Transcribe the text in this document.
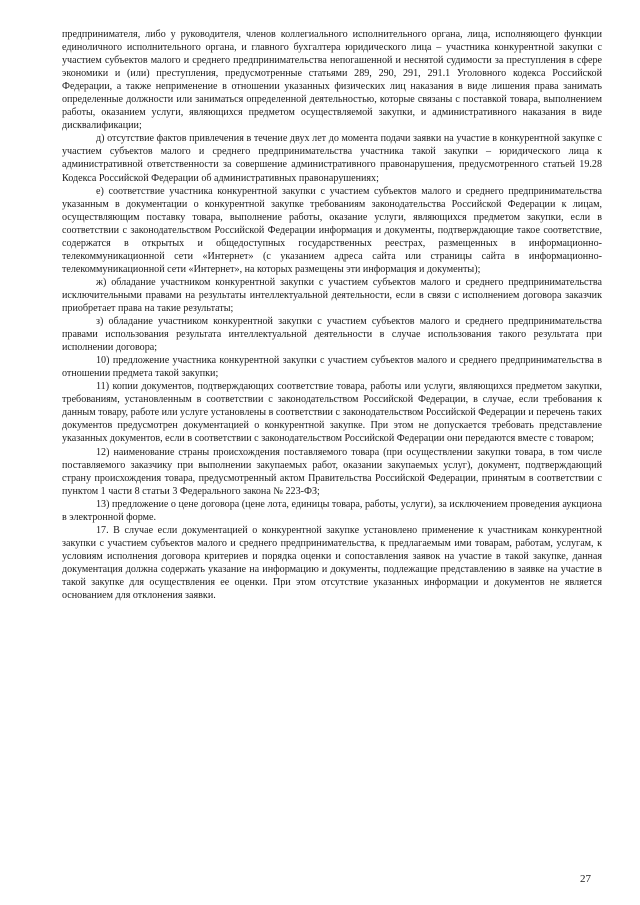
предпринимателя, либо у руководителя, членов коллегиального исполнительного органа, лица, исполняющего функции единоличного исполнительного органа, и главного бухгалтера юридического лица – участника конкурентной закупки с участием субъектов малого и среднего предпринимательства непогашенной и неснятой судимости за преступления в сфере экономики и (или) преступления, предусмотренные статьями 289, 290, 291, 291.1 Уголовного кодекса Российской Федерации, а также неприменение в отношении указанных физических лиц наказания в виде лишения права занимать определенные должности или заниматься определенной деятельностью, которые связаны с поставкой товара, выполнением работы, оказанием услуги, являющихся предметом осуществляемой закупки, и административного наказания в виде дисквалификации;

д) отсутствие фактов привлечения в течение двух лет до момента подачи заявки на участие в конкурентной закупке с участием субъектов малого и среднего предпринимательства участника такой закупки – юридического лица к административной ответственности за совершение административного правонарушения, предусмотренного статьей 19.28 Кодекса Российской Федерации об административных правонарушениях;

е) соответствие участника конкурентной закупки с участием субъектов малого и среднего предпринимательства указанным в документации о конкурентной закупке требованиям законодательства Российской Федерации к лицам, осуществляющим поставку товара, выполнение работы, оказание услуги, являющихся предметом закупки, если в соответствии с законодательством Российской Федерации информация и документы, подтверждающие такое соответствие, содержатся в открытых и общедоступных государственных реестрах, размещенных в информационно-телекоммуникационной сети «Интернет» (с указанием адреса сайта или страницы сайта в информационно-телекоммуникационной сети «Интернет», на которых размещены эти информация и документы);

ж) обладание участником конкурентной закупки с участием субъектов малого и среднего предпринимательства исключительными правами на результаты интеллектуальной деятельности, если в связи с исполнением договора заказчик приобретает права на такие результаты;

з) обладание участником конкурентной закупки с участием субъектов малого и среднего предпринимательства правами использования результата интеллектуальной деятельности в случае использования такого результата при исполнении договора;

10) предложение участника конкурентной закупки с участием субъектов малого и среднего предпринимательства в отношении предмета такой закупки;

11) копии документов, подтверждающих соответствие товара, работы или услуги, являющихся предметом закупки, требованиям, установленным в соответствии с законодательством Российской Федерации, в случае, если требования к данным товару, работе или услуге установлены в соответствии с законодательством Российской Федерации и перечень таких документов предусмотрен документацией о конкурентной закупке. При этом не допускается требовать представление указанных документов, если в соответствии с законодательством Российской Федерации они передаются вместе с товаром;

12) наименование страны происхождения поставляемого товара (при осуществлении закупки товара, в том числе поставляемого заказчику при выполнении закупаемых работ, оказании закупаемых услуг), документ, подтверждающий страну происхождения товара, предусмотренный актом Правительства Российской Федерации, принятым в соответствии с пунктом 1 части 8 статьи 3 Федерального закона № 223-ФЗ;

13) предложение о цене договора (цене лота, единицы товара, работы, услуги), за исключением проведения аукциона в электронной форме.

17. В случае если документацией о конкурентной закупке установлено применение к участникам конкурентной закупки с участием субъектов малого и среднего предпринимательства, к предлагаемым ими товарам, работам, услугам, к условиям исполнения договора критериев и порядка оценки и сопоставления заявок на участие в такой закупке, данная документация должна содержать указание на информацию и документы, подлежащие представлению в заявке на участие в такой закупке для осуществления ее оценки. При этом отсутствие указанных информации и документов не является основанием для отклонения заявки.

27
